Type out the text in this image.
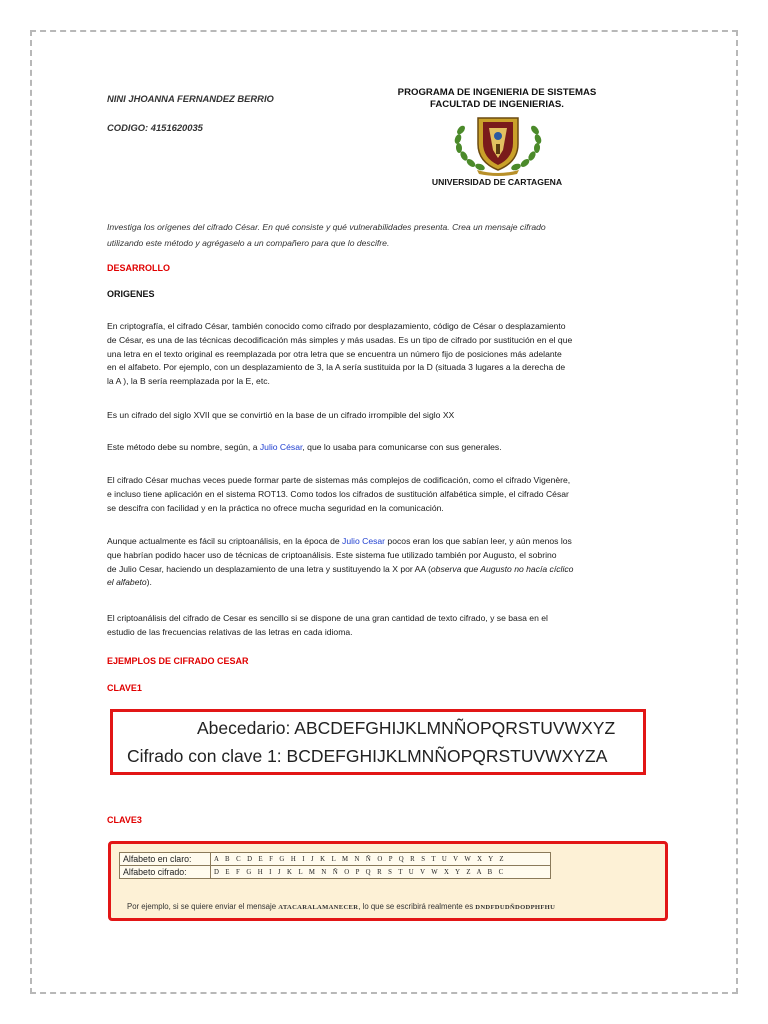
NINI JHOANNA FERNANDEZ BERRIO
CODIGO: 4151620035
PROGRAMA DE INGENIERIA DE SISTEMAS
FACULTAD DE INGENIERIAS.
UNIVERSIDAD DE CARTAGENA
Investiga los orígenes del cifrado César. En qué consiste y qué vulnerabilidades presenta. Crea un mensaje cifrado
utilizando este método y agrégaselo a un compañero para que lo descifre.
DESARROLLO
ORIGENES
En criptografía, el cifrado César, también conocido como cifrado por desplazamiento, código de César o desplazamiento
de César, es una de las técnicas decodificación más simples y más usadas. Es un tipo de cifrado por sustitución en el que
una letra en el texto original es reemplazada por otra letra que se encuentra un número fijo de posiciones más adelante
en el alfabeto. Por ejemplo, con un desplazamiento de 3, la A sería sustituida por la D (situada 3 lugares a la derecha de
la A ), la B sería reemplazada por la E, etc.
Es un cifrado del siglo XVII que se convirtió en la base de un cifrado irrompible del siglo XX
Este método debe su nombre, según, a Julio César, que lo usaba para comunicarse con sus generales.
El cifrado César muchas veces puede formar parte de sistemas más complejos de codificación, como el cifrado Vigenère,
e incluso tiene aplicación en el sistema ROT13. Como todos los cifrados de sustitución alfabética simple, el cifrado César
se descifra con facilidad y en la práctica no ofrece mucha seguridad en la comunicación.
Aunque actualmente es fácil su criptoanálisis, en la época de Julio Cesar pocos eran los que sabían leer, y aún menos los
que habrían podido hacer uso de técnicas de criptoanálisis. Este sistema fue utilizado también por Augusto, el sobrino
de Julio Cesar, haciendo un desplazamiento de una letra y sustituyendo la X por AA (observa que Augusto no hacía cíclico
el alfabeto).
El criptoanálisis del cifrado de Cesar es sencillo si se dispone de una gran cantidad de texto cifrado, y se basa en el
estudio de las frecuencias relativas de las letras en cada idioma.
EJEMPLOS DE CIFRADO CESAR
CLAVE1
Abecedario: ABCDEFGHIJKLMNÑOPQRSTUVWXYZ
Cifrado con clave 1: BCDEFGHIJKLMNÑOPQRSTUVWXYZA
CLAVE3
Alfabeto en claro:	A B C D E F G H I J K L M N Ñ O P Q R S T U V W X Y Z
Alfabeto cifrado:	D E F G H I J K L M N Ñ O P Q R S T U V W X Y Z A B C
Por ejemplo, si se quiere enviar el mensaje ATACARALAMANECER, lo que se escribirá realmente es DNDFDUDÑDODPHFHU
